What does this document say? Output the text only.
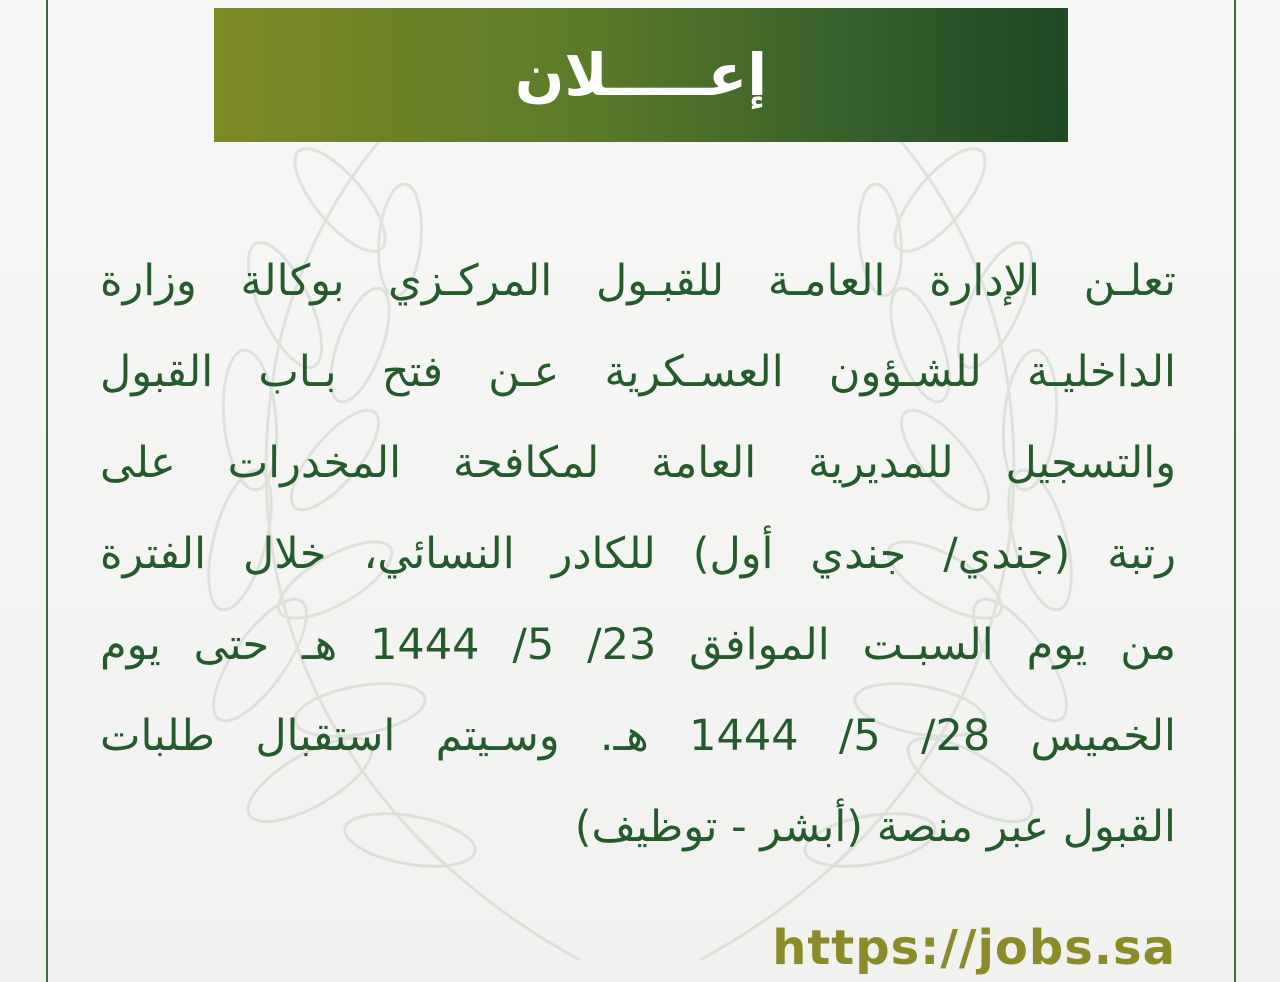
إعـــــلان
تعلـن الإدارة العامـة للقبـول المركـزي بوكالة وزارة
الداخليـة للشـؤون العسـكرية عـن فتح بـاب القبول
والتسجيل للمديرية العامة لمكافحة المخدرات على
رتبة (جندي/ جندي أول) للكادر النسائي، خلال الفترة
من يوم السبـت الموافق 23/ 5/ 1444 هـ حتى يوم
الخميس 28/ 5/ 1444 هـ. وسـيتم استقبال طلبات
القبول عبر منصة (أبشر - توظيف)
https://jobs.sa
